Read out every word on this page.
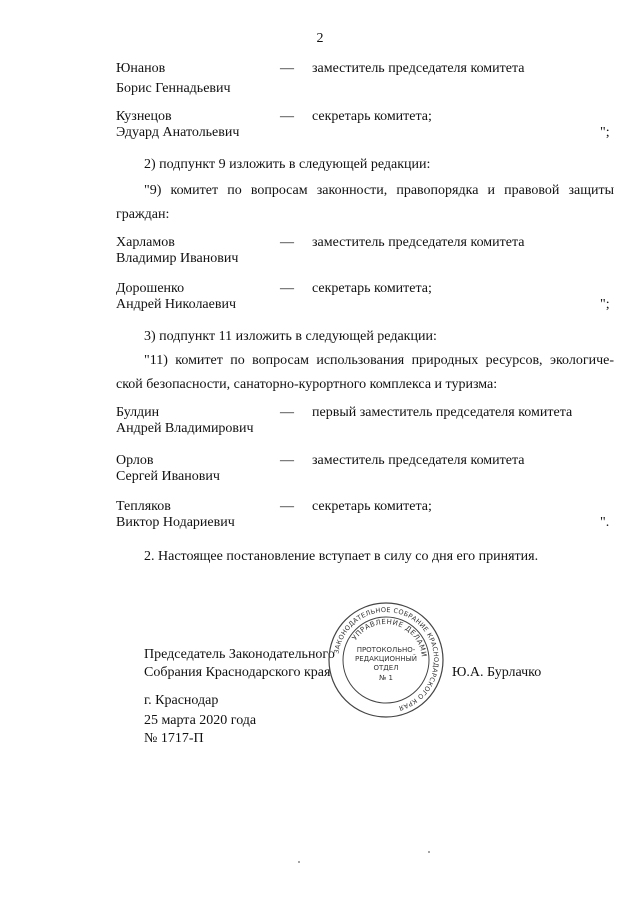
2
Юнанов	— заместитель председателя комитета
Борис Геннадьевич
Кузнецов	— секретарь комитета;
Эдуард Анатольевич	";
2) подпункт 9 изложить в следующей редакции:
"9) комитет по вопросам законности, правопорядка и правовой защиты
граждан:
Харламов	— заместитель председателя комитета
Владимир Иванович
Дорошенко	— секретарь комитета;
Андрей Николаевич	";
3) подпункт 11 изложить в следующей редакции:
"11) комитет по вопросам использования природных ресурсов, экологиче-
ской безопасности, санаторно-курортного комплекса и туризма:
Булдин	— первый заместитель председателя комитета
Андрей Владимирович
Орлов	— заместитель председателя комитета
Сергей Иванович
Тепляков	— секретарь комитета;
Виктор Нодариевич	".
2. Настоящее постановление вступает в силу со дня его принятия.
Председатель Законодательного
Собрания Краснодарского края	Ю.А. Бурлачко
г. Краснодар
25 марта 2020 года
№ 1717-П
ЗАКОНОДАТЕЛЬНОЕ СОБРАНИЕ КРАСНОДАРСКОГО КРАЯ
УПРАВЛЕНИЕ ДЕЛАМИ
ПРОТОКОЛЬНО-
РЕДАКЦИОННЫЙ
ОТДЕЛ
№ 1
